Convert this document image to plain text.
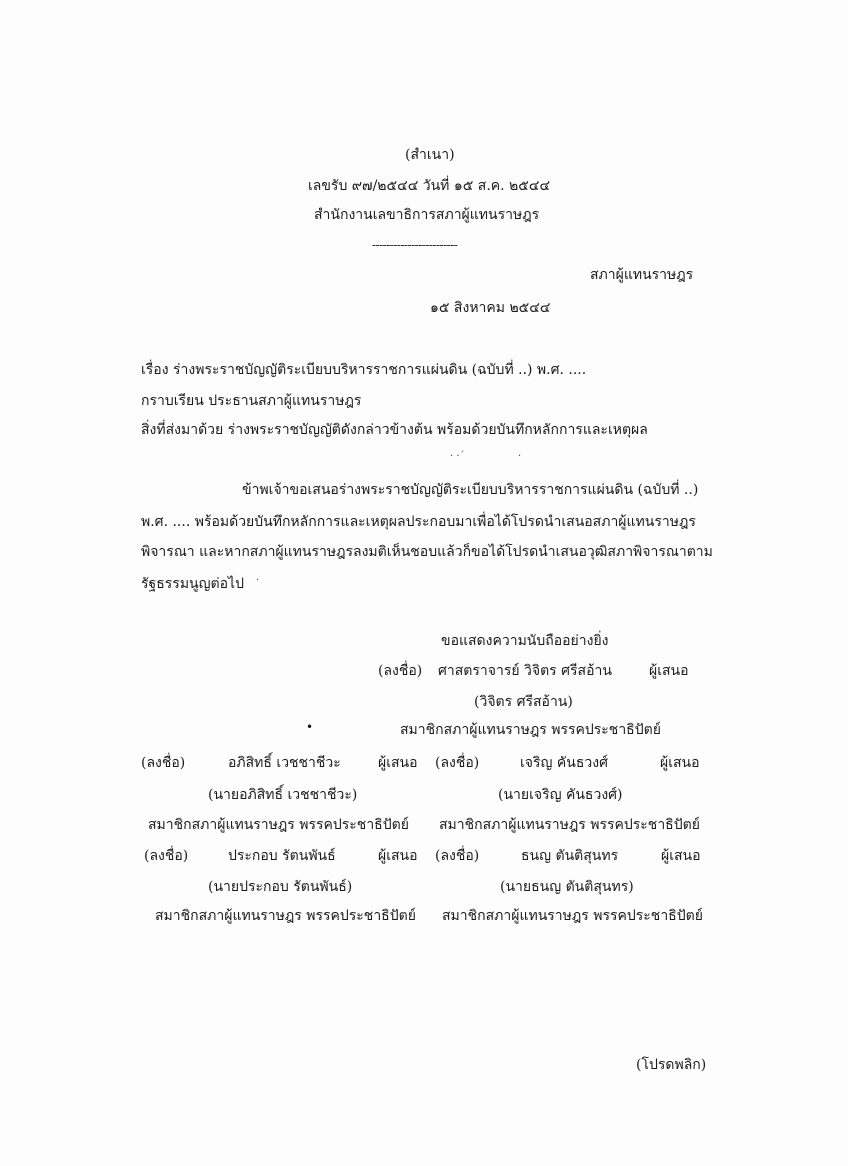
(สำเนา)
เลขรับ ๙๗/๒๕๔๔ วันที่ ๑๕ ส.ค. ๒๕๔๔
สำนักงานเลขาธิการสภาผู้แทนราษฎร
------------------------
สภาผู้แทนราษฎร
๑๕ สิงหาคม ๒๕๔๔
เรื่อง ร่างพระราชบัญญัติระเบียบบริหารราชการแผ่นดิน (ฉบับที่ ..) พ.ศ. ....
กราบเรียน ประธานสภาผู้แทนราษฎร
สิ่งที่ส่งมาด้วย ร่างพระราชบัญญัติดังกล่าวข้างต้น พร้อมด้วยบันทึกหลักการและเหตุผล
· ·´	·
ข้าพเจ้าขอเสนอร่างพระราชบัญญัติระเบียบบริหารราชการแผ่นดิน (ฉบับที่ ..)
พ.ศ. .... พร้อมด้วยบันทึกหลักการและเหตุผลประกอบมาเพื่อได้โปรดนำเสนอสภาผู้แทนราษฎร
พิจารณา และหากสภาผู้แทนราษฎรลงมติเห็นชอบแล้วก็ขอได้โปรดนำเสนอวุฒิสภาพิจารณาตาม
รัฐธรรมนูญต่อไป ·
ขอแสดงความนับถืออย่างยิ่ง
(ลงชื่อ) ศาสตราจารย์ วิจิตร ศรีสอ้าน	ผู้เสนอ
(วิจิตร ศรีสอ้าน)
•	สมาชิกสภาผู้แทนราษฎร พรรคประชาธิปัตย์
(ลงชื่อ)	อภิสิทธิ์ เวชชาชีวะ	ผู้เสนอ (ลงชื่อ)	เจริญ คันธวงศ์	ผู้เสนอ
(นายอภิสิทธิ์ เวชชาชีวะ)	(นายเจริญ คันธวงศ์)
สมาชิกสภาผู้แทนราษฎร พรรคประชาธิปัตย์ สมาชิกสภาผู้แทนราษฎร พรรคประชาธิปัตย์
(ลงชื่อ)	ประกอบ รัตนพันธ์	ผู้เสนอ (ลงชื่อ)	ธนญ ตันติสุนทร	ผู้เสนอ
(นายประกอบ รัตนพันธ์)	(นายธนญ ตันติสุนทร)
สมาชิกสภาผู้แทนราษฎร พรรคประชาธิปัตย์ สมาชิกสภาผู้แทนราษฎร พรรคประชาธิปัตย์
(โปรดพลิก)
